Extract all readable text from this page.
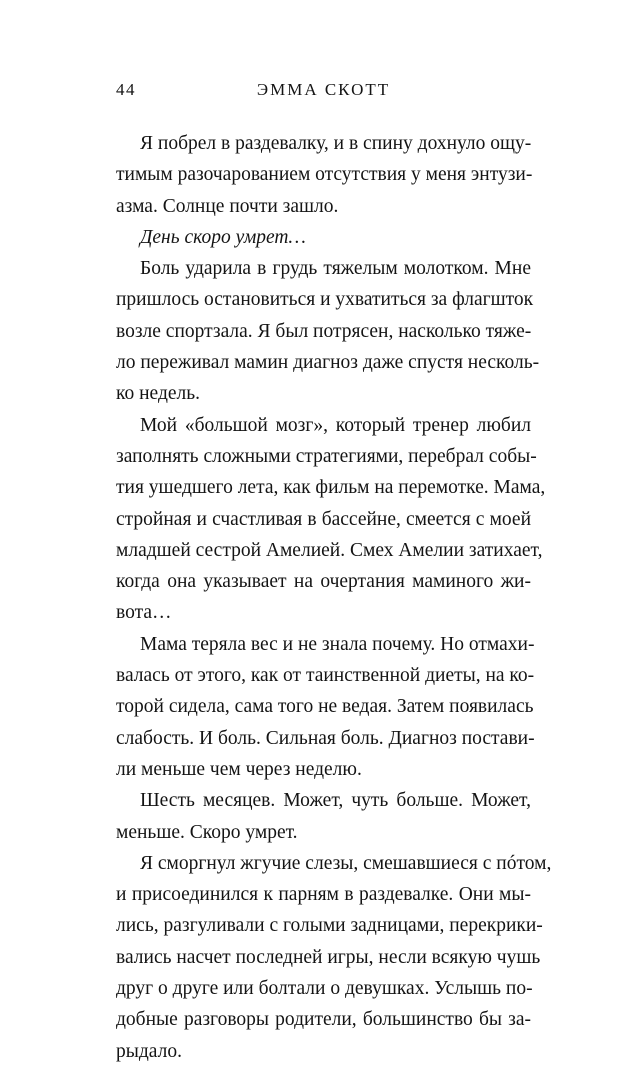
44	ЭММА СКОТТ
Я побрел в раздевалку, и в спину дохнуло ощу-
тимым разочарованием отсутствия у меня энтузи-
азма. Солнце почти зашло.
День скоро умрет…
Боль ударила в грудь тяжелым молотком. Мне
пришлось остановиться и ухватиться за флагшток
возле спортзала. Я был потрясен, насколько тяже-
ло переживал мамин диагноз даже спустя несколь-
ко недель.
Мой «большой мозг», который тренер любил
заполнять сложными стратегиями, перебрал собы-
тия ушедшего лета, как фильм на перемотке. Мама,
стройная и счастливая в бассейне, смеется с моей
младшей сестрой Амелией. Смех Амелии затихает,
когда она указывает на очертания маминого жи-
вота…
Мама теряла вес и не знала почему. Но отмахи-
валась от этого, как от таинственной диеты, на ко-
торой сидела, сама того не ведая. Затем появилась
слабость. И боль. Сильная боль. Диагноз постави-
ли меньше чем через неделю.
Шесть месяцев. Может, чуть больше. Может,
меньше. Скоро умрет.
Я сморгнул жгучие слезы, смешавшиеся с пóтом,
и присоединился к парням в раздевалке. Они мы-
лись, разгуливали с голыми задницами, перекрики-
вались насчет последней игры, несли всякую чушь
друг о друге или болтали о девушках. Услышь по-
добные разговоры родители, большинство бы за-
рыдало.
